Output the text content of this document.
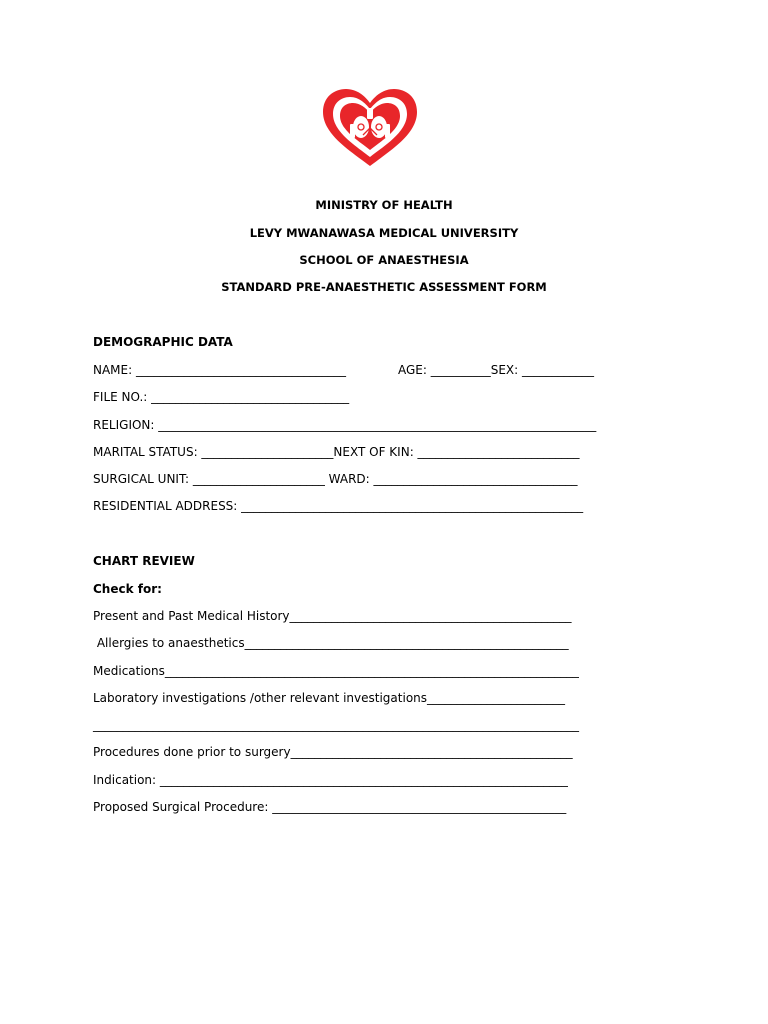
MINISTRY OF HEALTH
LEVY MWANAWASA MEDICAL UNIVERSITY
SCHOOL OF ANAESTHESIA
STANDARD PRE-ANAESTHETIC ASSESSMENT FORM
DEMOGRAPHIC DATA
NAME: ___________________________________	AGE: __________SEX: ____________
FILE NO.: _________________________________
RELIGION: _________________________________________________________________________
MARITAL STATUS: ______________________NEXT OF KIN: ___________________________
SURGICAL UNIT: ______________________ WARD: __________________________________
RESIDENTIAL ADDRESS: _________________________________________________________
CHART REVIEW
Check for:
Present and Past Medical History_______________________________________________
Allergies to anaesthetics______________________________________________________
Medications_____________________________________________________________________
Laboratory investigations /other relevant investigations_______________________
_________________________________________________________________________________
Procedures done prior to surgery_______________________________________________
Indication: ____________________________________________________________________
Proposed Surgical Procedure: _________________________________________________
